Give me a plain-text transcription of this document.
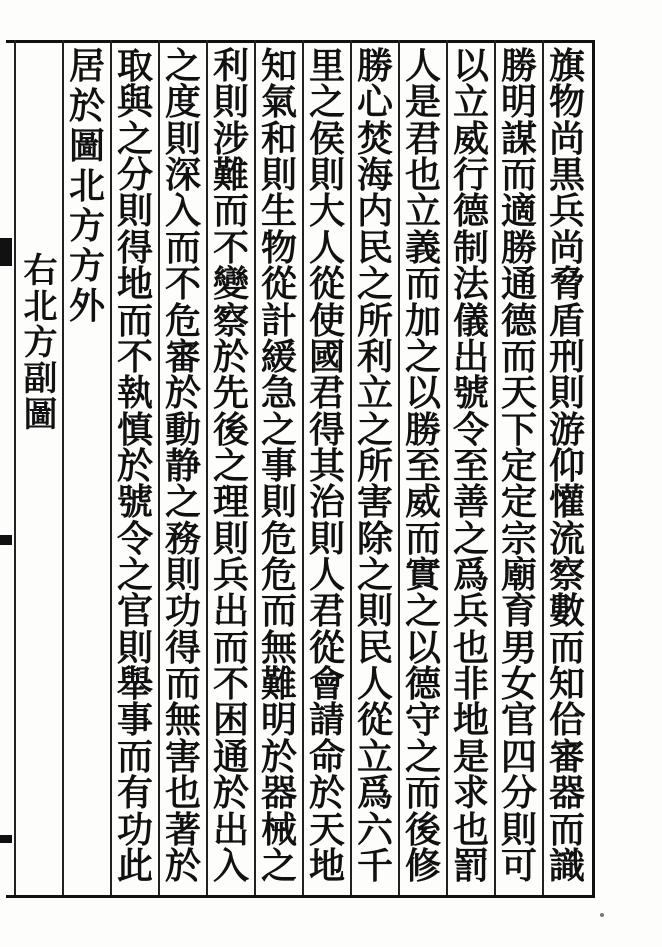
右北方副圖
旗
物
尚
黒
兵
尚
脅
盾
刑
則
游
仰
懽
流
察
數
而
知
佮
審
器
而
識
勝
明
謀
而
適
勝
通
德
而
天
下
定
定
宗
廟
育
男
女
官
四
分
則
可
以
立
威
行
德
制
法
儀
出
號
令
至
善
之
爲
兵
也
非
地
是
求
也
罰
人
是
君
也
立
義
而
加
之
以
勝
至
威
而
實
之
以
德
守
之
而
後
修
勝
心
焚
海
内
民
之
所
利
立
之
所
害
除
之
則
民
人
從
立
爲
六
千
里
之
侯
則
大
人
從
使
國
君
得
其
治
則
人
君
從
會
請
命
於
天
地
知
氣
和
則
生
物
從
計
緩
急
之
事
則
危
危
而
無
難
明
於
器
械
之
利
則
涉
難
而
不
變
察
於
先
後
之
理
則
兵
出
而
不
困
通
於
出
入
之
度
則
深
入
而
不
危
審
於
動
静
之
務
則
功
得
而
無
害
也
著
於
取
與
之
分
則
得
地
而
不
執
慎
於
號
令
之
官
則
舉
事
而
有
功
此
居
於
圖
北
方
方
外
